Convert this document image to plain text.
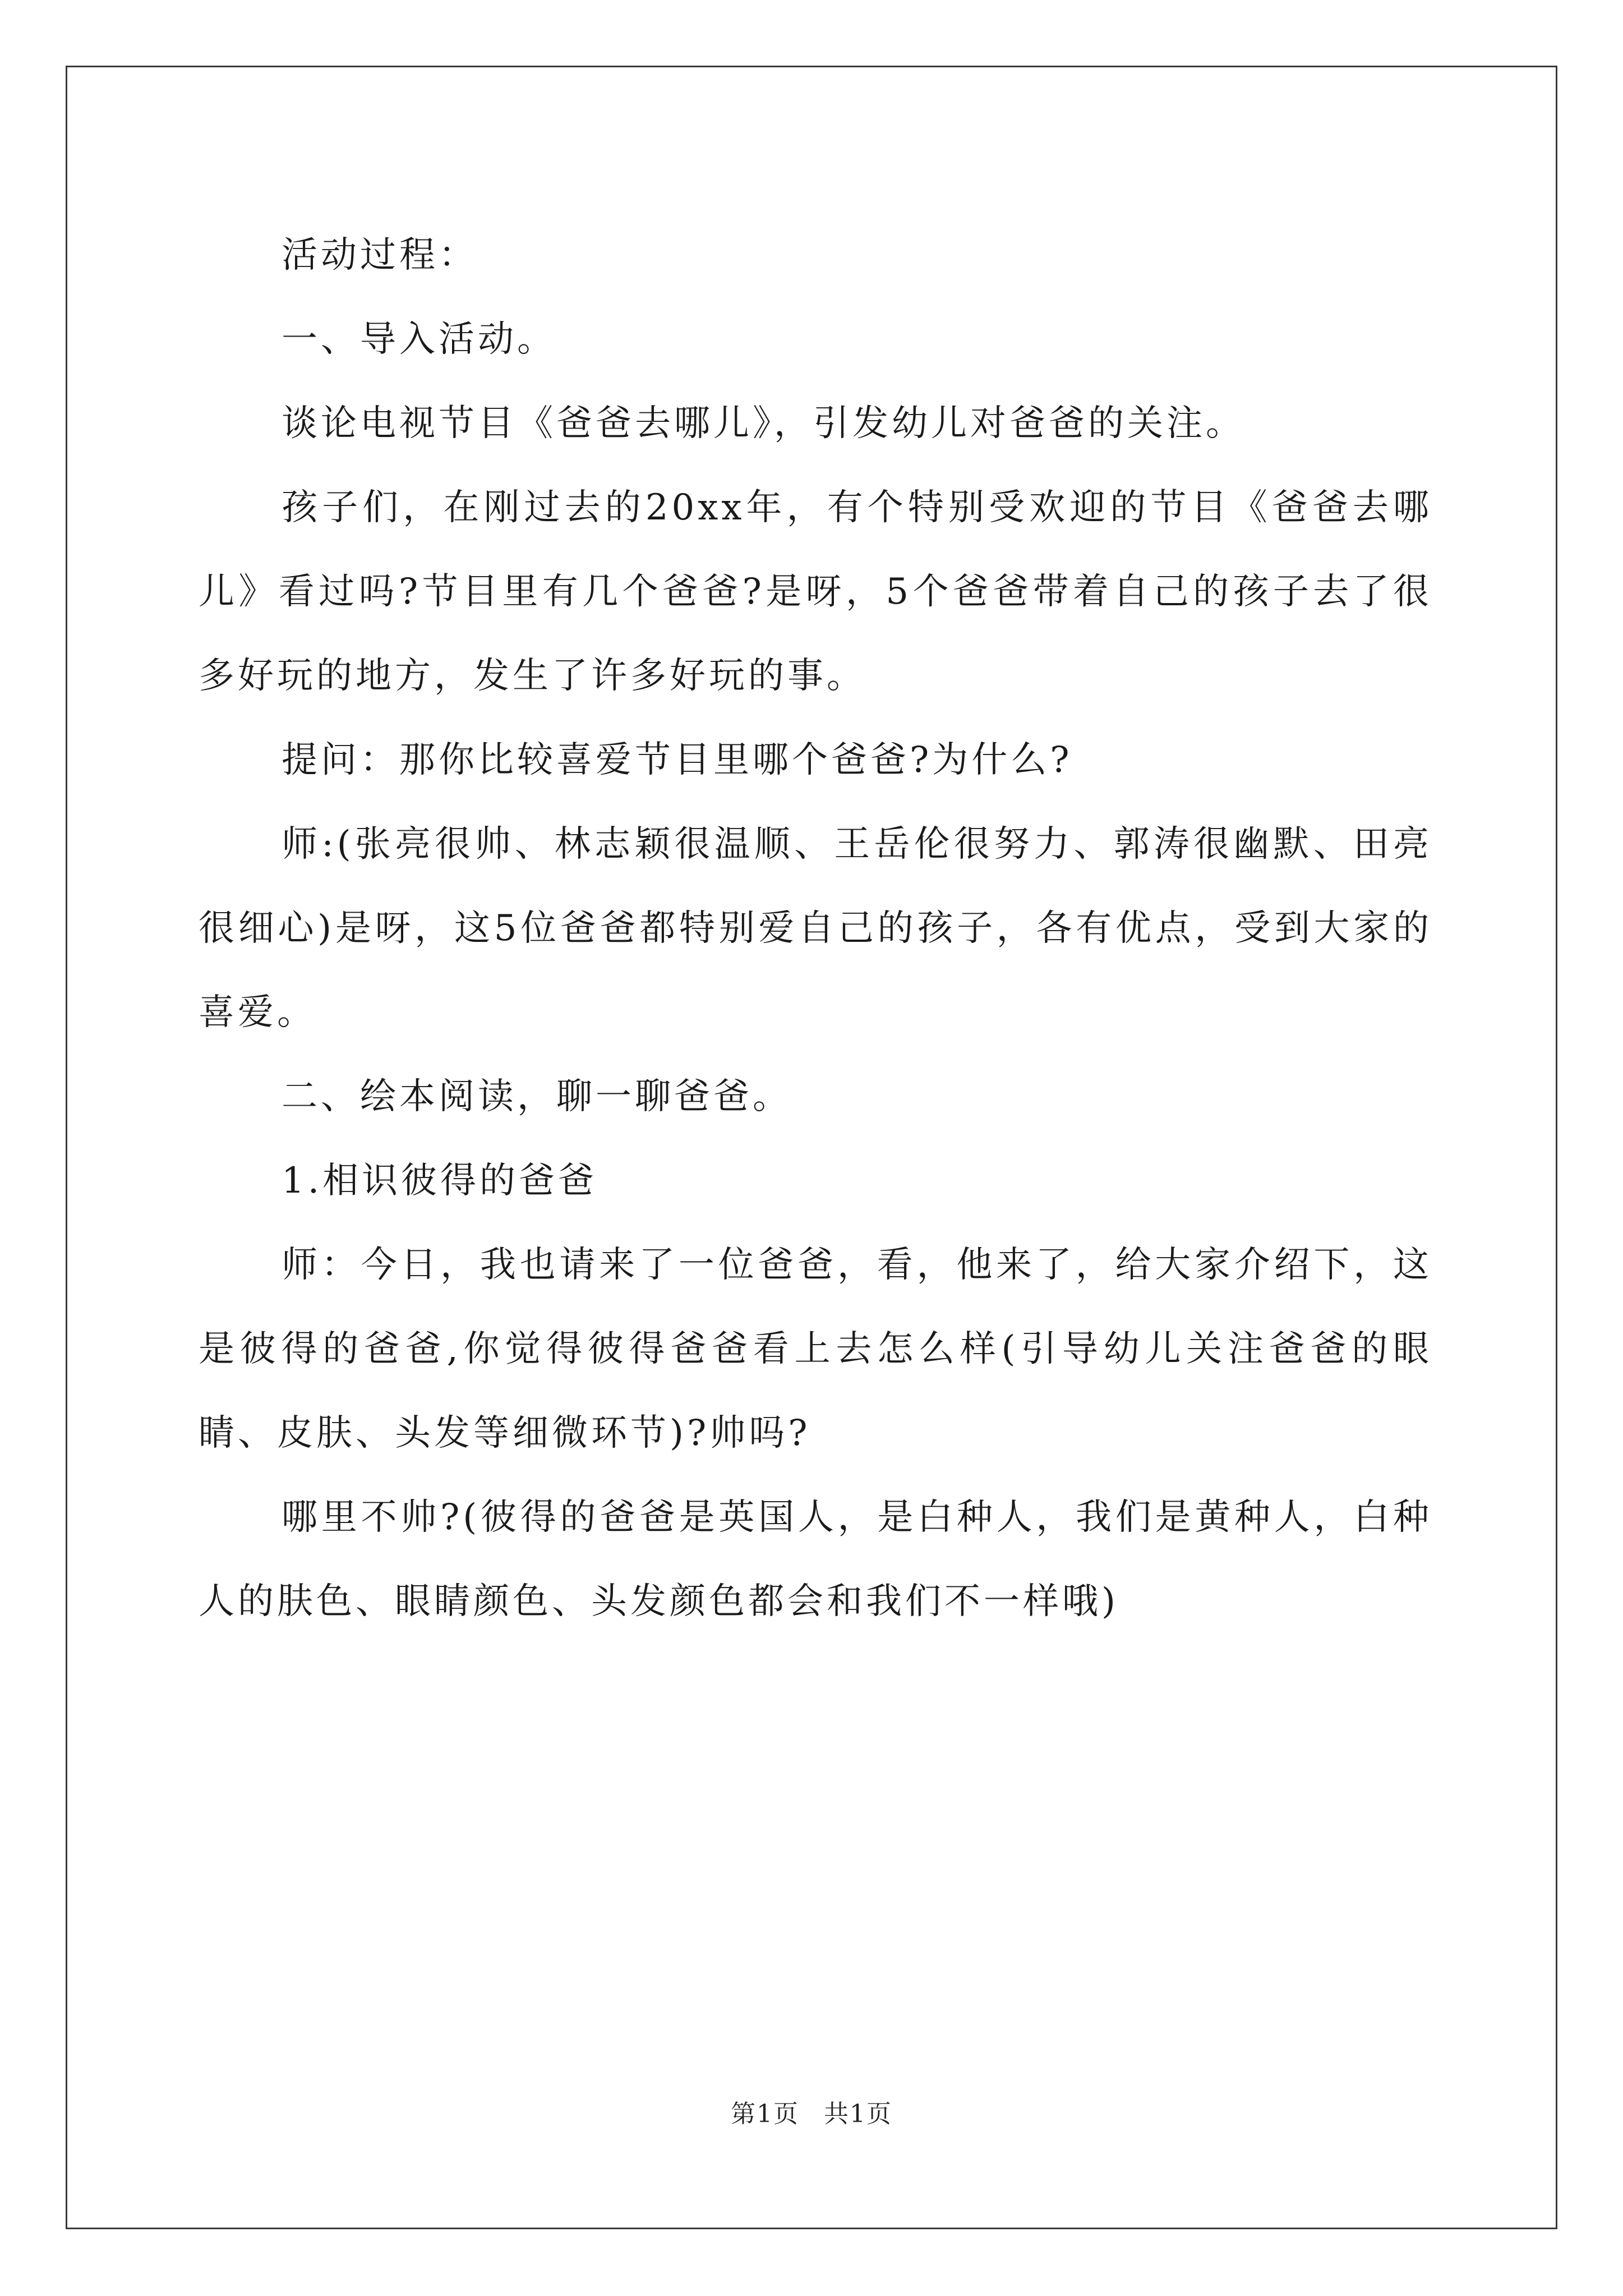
活动过程：

一、导入活动。

谈论电视节目《爸爸去哪儿》，引发幼儿对爸爸的关注。

孩子们，在刚过去的20xx年，有个特别受欢迎的节目《爸爸去哪儿》看过吗?节目里有几个爸爸?是呀，5个爸爸带着自己的孩子去了很多好玩的地方，发生了许多好玩的事。

提问：那你比较喜爱节目里哪个爸爸?为什么?

师:(张亮很帅、林志颖很温顺、王岳伦很努力、郭涛很幽默、田亮很细心)是呀，这5位爸爸都特别爱自己的孩子，各有优点，受到大家的喜爱。

二、绘本阅读，聊一聊爸爸。

1.相识彼得的爸爸

师：今日，我也请来了一位爸爸，看，他来了，给大家介绍下，这是彼得的爸爸,你觉得彼得爸爸看上去怎么样(引导幼儿关注爸爸的眼睛、皮肤、头发等细微环节)?帅吗?

哪里不帅?(彼得的爸爸是英国人，是白种人，我们是黄种人，白种人的肤色、眼睛颜色、头发颜色都会和我们不一样哦)

第1页 共1页
